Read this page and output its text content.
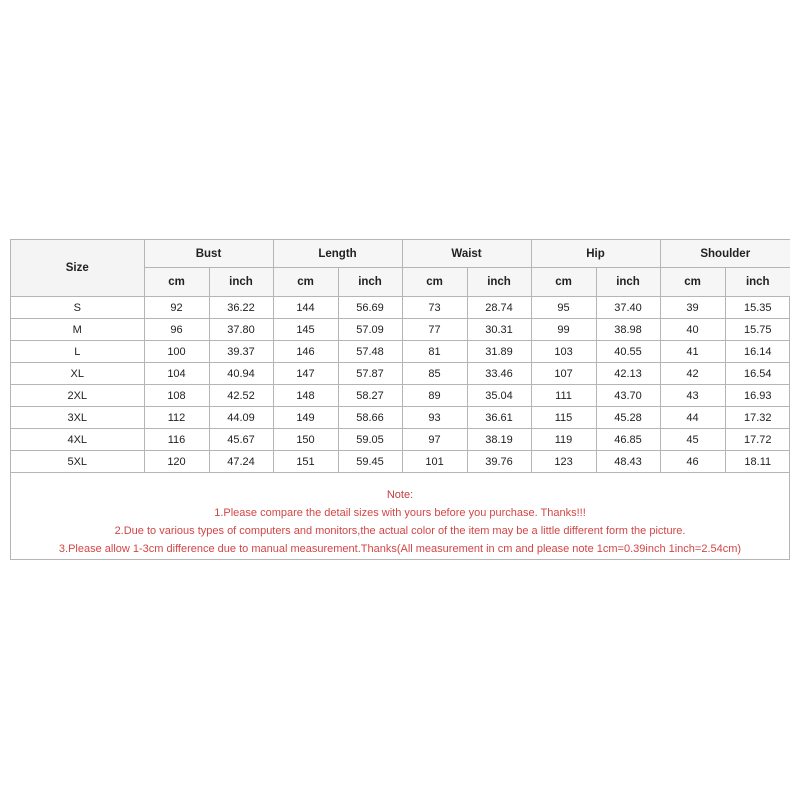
Size	Bust		Length		Waist		Hip		Shoulder	
	cm	inch	cm	inch	cm	inch	cm	inch	cm	inch
S	92	36.22	144	56.69	73	28.74	95	37.40	39	15.35
M	96	37.80	145	57.09	77	30.31	99	38.98	40	15.75
L	100	39.37	146	57.48	81	31.89	103	40.55	41	16.14
XL	104	40.94	147	57.87	85	33.46	107	42.13	42	16.54
2XL	108	42.52	148	58.27	89	35.04	111	43.70	43	16.93
3XL	112	44.09	149	58.66	93	36.61	115	45.28	44	17.32
4XL	116	45.67	150	59.05	97	38.19	119	46.85	45	17.72
5XL	120	47.24	151	59.45	101	39.76	123	48.43	46	18.11
Note:
1.Please compare the detail sizes with yours before you purchase. Thanks!!!
2.Due to various types of computers and monitors,the actual color of the item may be a little different form the picture.
3.Please allow 1-3cm difference due to manual measurement.Thanks(All measurement in cm and please note 1cm=0.39inch 1inch=2.54cm)
